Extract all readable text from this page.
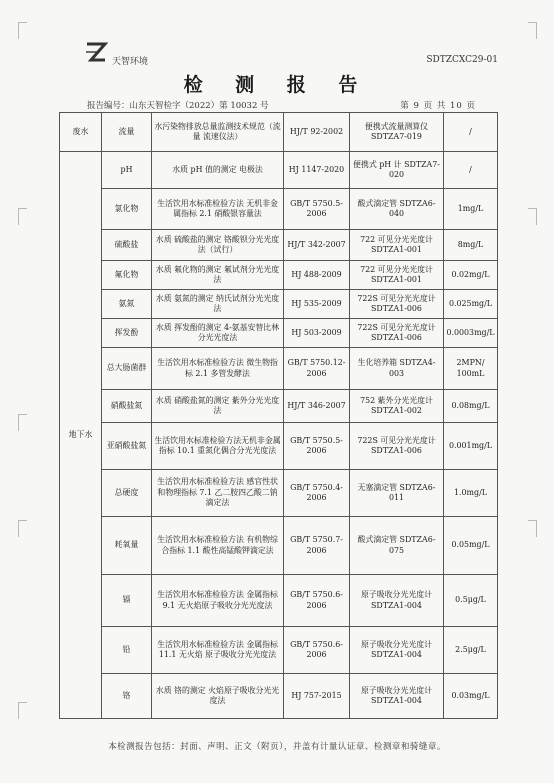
天智环境	SDTZCXC29-01
检 测 报 告
报告编号：山东天智检字（2022）第 10032 号	第 9 页 共 10 页
废水	流量	水污染物排放总量监测技术规范（流量 流速仪法）	HJ/T 92-2002	便携式流量测算仪 SDTZA7-019	/
地下水	pH	水质 pH 值的测定 电极法	HJ 1147-2020	便携式 pH 计 SDTZA7-020	/
	氯化物	生活饮用水标准检验方法 无机非金属指标 2.1 硝酸银容量法	GB/T 5750.5-2006	酸式滴定管 SDTZA6-040	1mg/L
	硫酸盐	水质 硫酸盐的测定 铬酸钡分光光度法（试行）	HJ/T 342-2007	722 可见分光光度计 SDTZA1-001	8mg/L
	氟化物	水质 氟化物的测定 氟试剂分光光度法	HJ 488-2009	722 可见分光光度计 SDTZA1-001	0.02mg/L
	氨氮	水质 氨氮的测定 纳氏试剂分光光度法	HJ 535-2009	722S 可见分光光度计 SDTZA1-006	0.025mg/L
	挥发酚	水质 挥发酚的测定 4-氨基安替比林分光光度法	HJ 503-2009	722S 可见分光光度计 SDTZA1-006	0.0003mg/L
	总大肠菌群	生活饮用水标准检验方法 微生物指标 2.1 多管发酵法	GB/T 5750.12-2006	生化培养箱 SDTZA4-003	2MPN/ 100mL
	硝酸盐氮	水质 硝酸盐氮的测定 紫外分光光度法	HJ/T 346-2007	752 紫外分光光度计 SDTZA1-002	0.08mg/L
	亚硝酸盐氮	生活饮用水标准检验方法无机非金属指标 10.1 重氮化偶合分光光度法	GB/T 5750.5-2006	722S 可见分光光度计 SDTZA1-006	0.001mg/L
	总硬度	生活饮用水标准检验方法 感官性状和物理指标 7.1 乙二胺四乙酸二钠滴定法	GB/T 5750.4-2006	无塞滴定管 SDTZA6-011	1.0mg/L
	耗氧量	生活饮用水标准检验方法 有机物综合指标 1.1 酸性高锰酸钾滴定法	GB/T 5750.7-2006	酸式滴定管 SDTZA6-075	0.05mg/L
	镉	生活饮用水标准检验方法 金属指标 9.1 无火焰原子吸收分光光度法	GB/T 5750.6-2006	原子吸收分光光度计 SDTZA1-004	0.5μg/L
	铅	生活饮用水标准检验方法 金属指标 11.1 无火焰 原子吸收分光光度法	GB/T 5750.6-2006	原子吸收分光光度计 SDTZA1-004	2.5μg/L
	铬	水质 铬的测定 火焰原子吸收分光光度法	HJ 757-2015	原子吸收分光光度计 SDTZA1-004	0.03mg/L
本检测报告包括：封面、声明、正文（附页），并盖有计量认证章、检测章和骑缝章。
